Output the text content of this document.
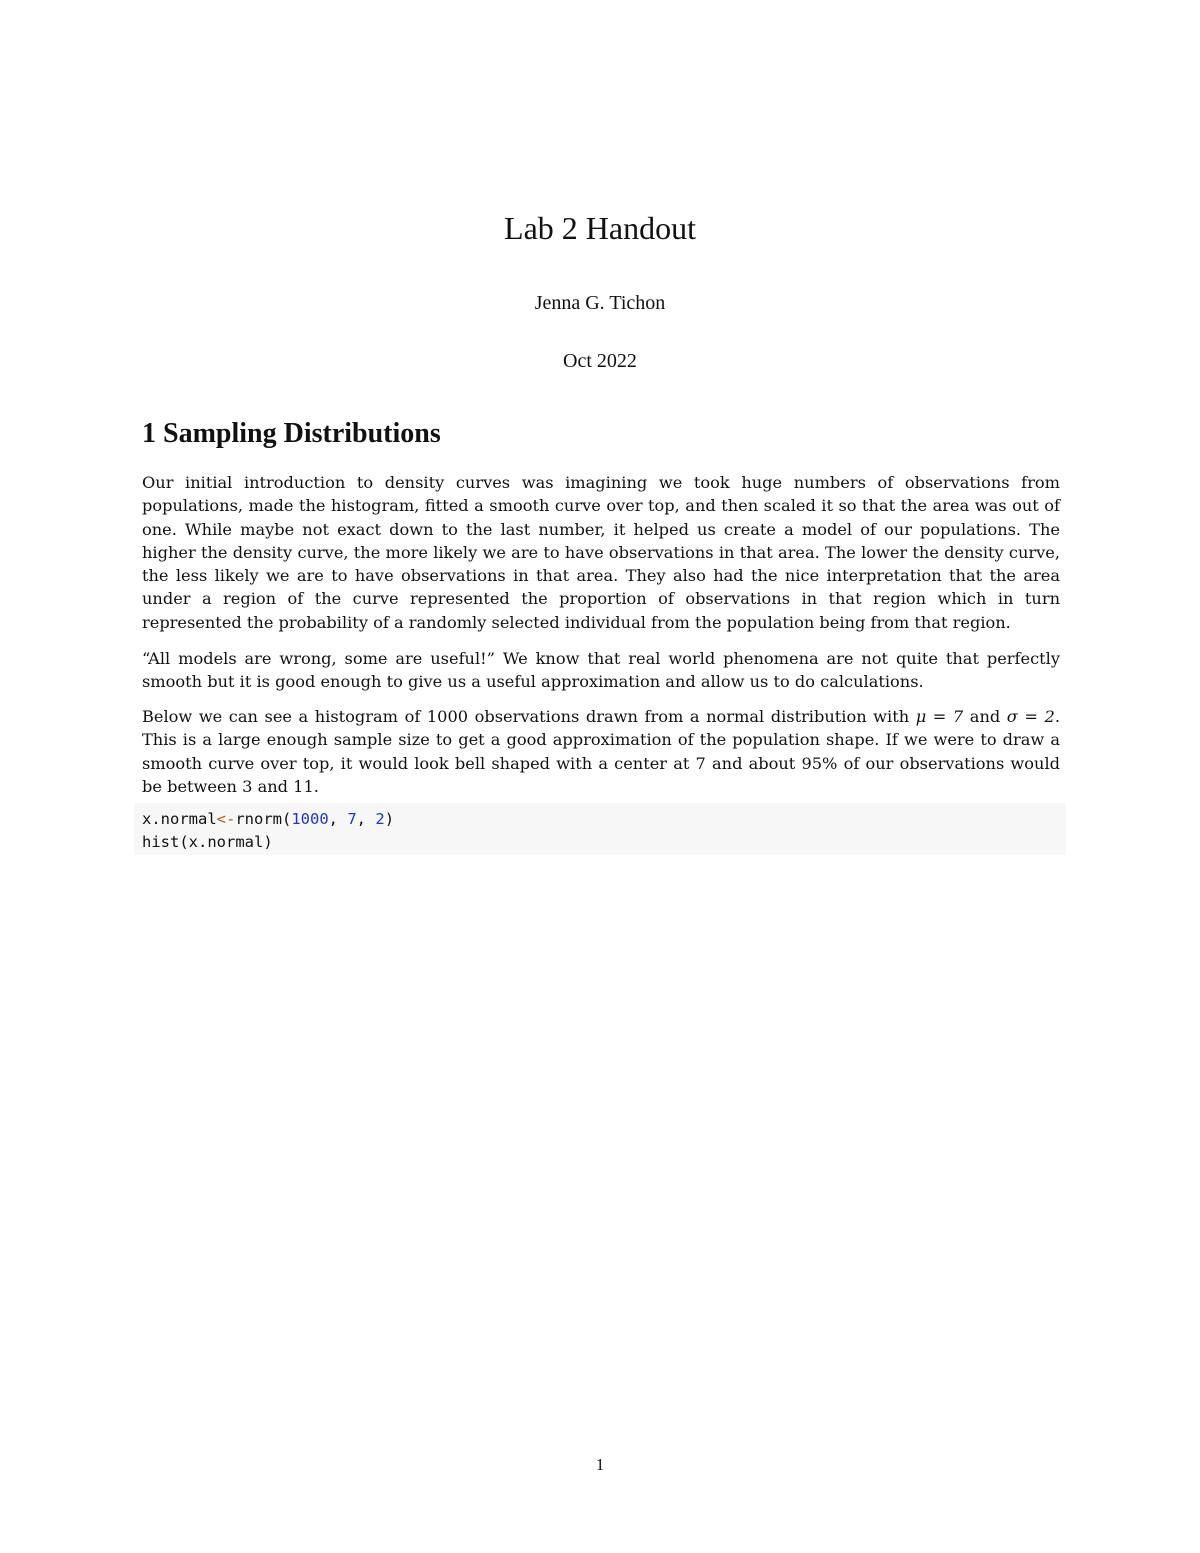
Lab 2 Handout
Jenna G. Tichon
Oct 2022
1 Sampling Distributions

Our initial introduction to density curves was imagining we took huge numbers of observations from populations, made the histogram, fitted a smooth curve over top, and then scaled it so that the area was out of one. While maybe not exact down to the last number, it helped us create a model of our populations. The higher the density curve, the more likely we are to have observations in that area. The lower the density curve, the less likely we are to have observations in that area. They also had the nice interpretation that the area under a region of the curve represented the proportion of observations in that region which in turn represented the probability of a randomly selected individual from the population being from that region.

“All models are wrong, some are useful!” We know that real world phenomena are not quite that perfectly smooth but it is good enough to give us a useful approximation and allow us to do calculations.

Below we can see a histogram of 1000 observations drawn from a normal distribution with μ = 7 and σ = 2. This is a large enough sample size to get a good approximation of the population shape. If we were to draw a smooth curve over top, it would look bell shaped with a center at 7 and about 95% of our observations would be between 3 and 11.

x.normal<-rnorm(1000, 7, 2)
hist(x.normal)
1
